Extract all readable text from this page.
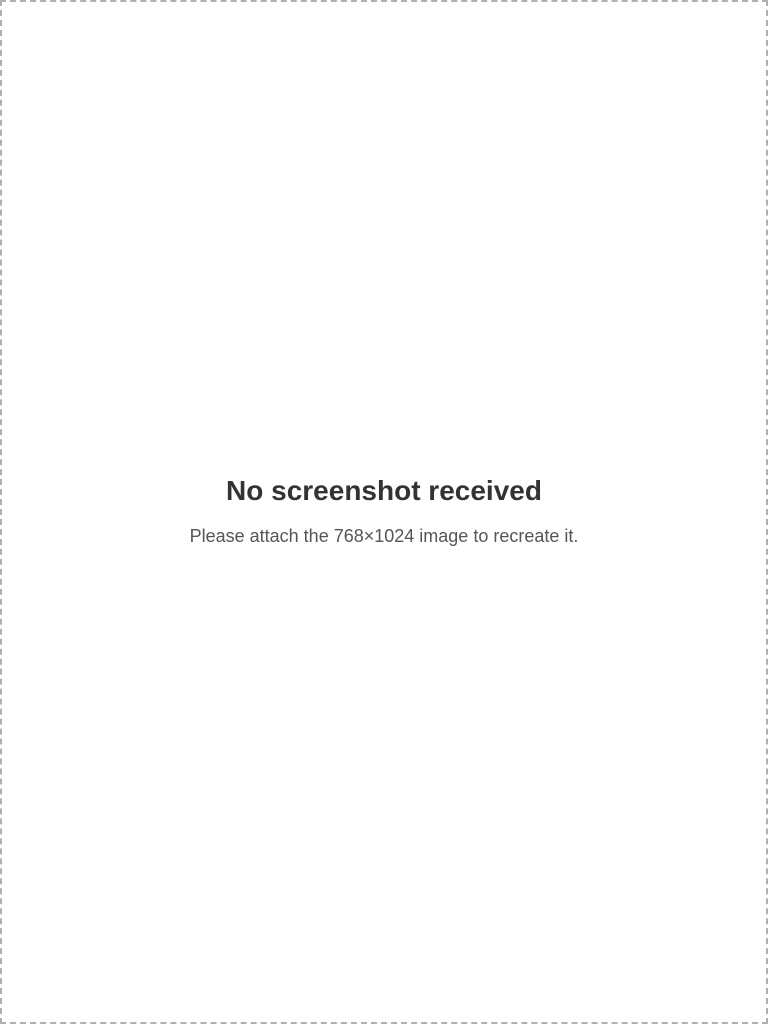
No screenshot received
Please attach the 768×1024 image to recreate it.
